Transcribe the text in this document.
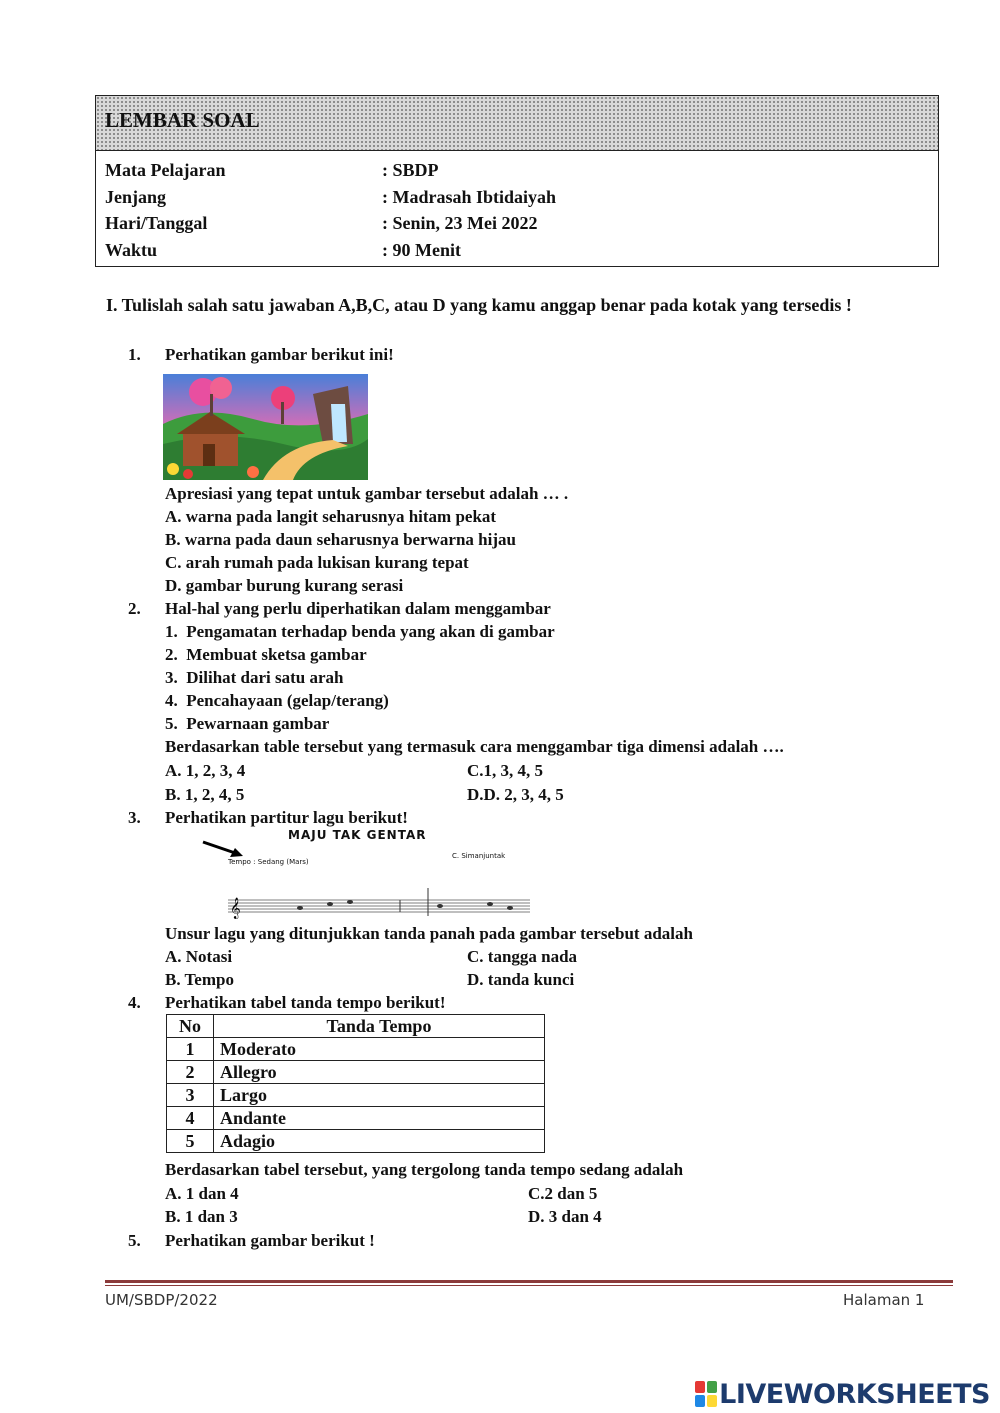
LEMBAR SOAL
Mata Pelajaran	: SBDP
Jenjang	: Madrasah Ibtidaiyah
Hari/Tanggal	: Senin, 23 Mei 2022
Waktu	: 90 Menit
I. Tulislah salah satu jawaban A,B,C, atau D yang kamu anggap benar pada kotak yang tersedis !
1. Perhatikan gambar berikut ini!
Apresiasi yang tepat untuk gambar tersebut adalah … .
A. warna pada langit seharusnya hitam pekat
B. warna pada daun seharusnya berwarna hijau
C. arah rumah pada lukisan kurang tepat
D. gambar burung kurang serasi
2. Hal-hal yang perlu diperhatikan dalam menggambar
1.  Pengamatan terhadap benda yang akan di gambar
2.  Membuat sketsa gambar
3.  Dilihat dari satu arah
4.  Pencahayaan (gelap/terang)
5.  Pewarnaan gambar
Berdasarkan table tersebut yang termasuk cara menggambar tiga dimensi adalah ….
A. 1, 2, 3, 4	C.1, 3, 4, 5
B. 1, 2, 4, 5	D.D. 2, 3, 4, 5
3. Perhatikan partitur lagu berikut!
MAJU TAK GENTAR
Tempo : Sedang (Mars)
C. Simanjuntak
𝄞
Unsur lagu yang ditunjukkan tanda panah pada gambar tersebut adalah
A. Notasi	C. tangga nada
B. Tempo	D. tanda kunci
4. Perhatikan tabel tanda tempo berikut!
No	Tanda Tempo
1	Moderato
2	Allegro
3	Largo
4	Andante
5	Adagio
Berdasarkan tabel tersebut, yang tergolong tanda tempo sedang adalah
A. 1 dan 4	C.2 dan 5
B. 1 dan 3	D. 3 dan 4
5. Perhatikan gambar berikut !
UM/SBDP/2022	Halaman 1
LIVEWORKSHEETS
